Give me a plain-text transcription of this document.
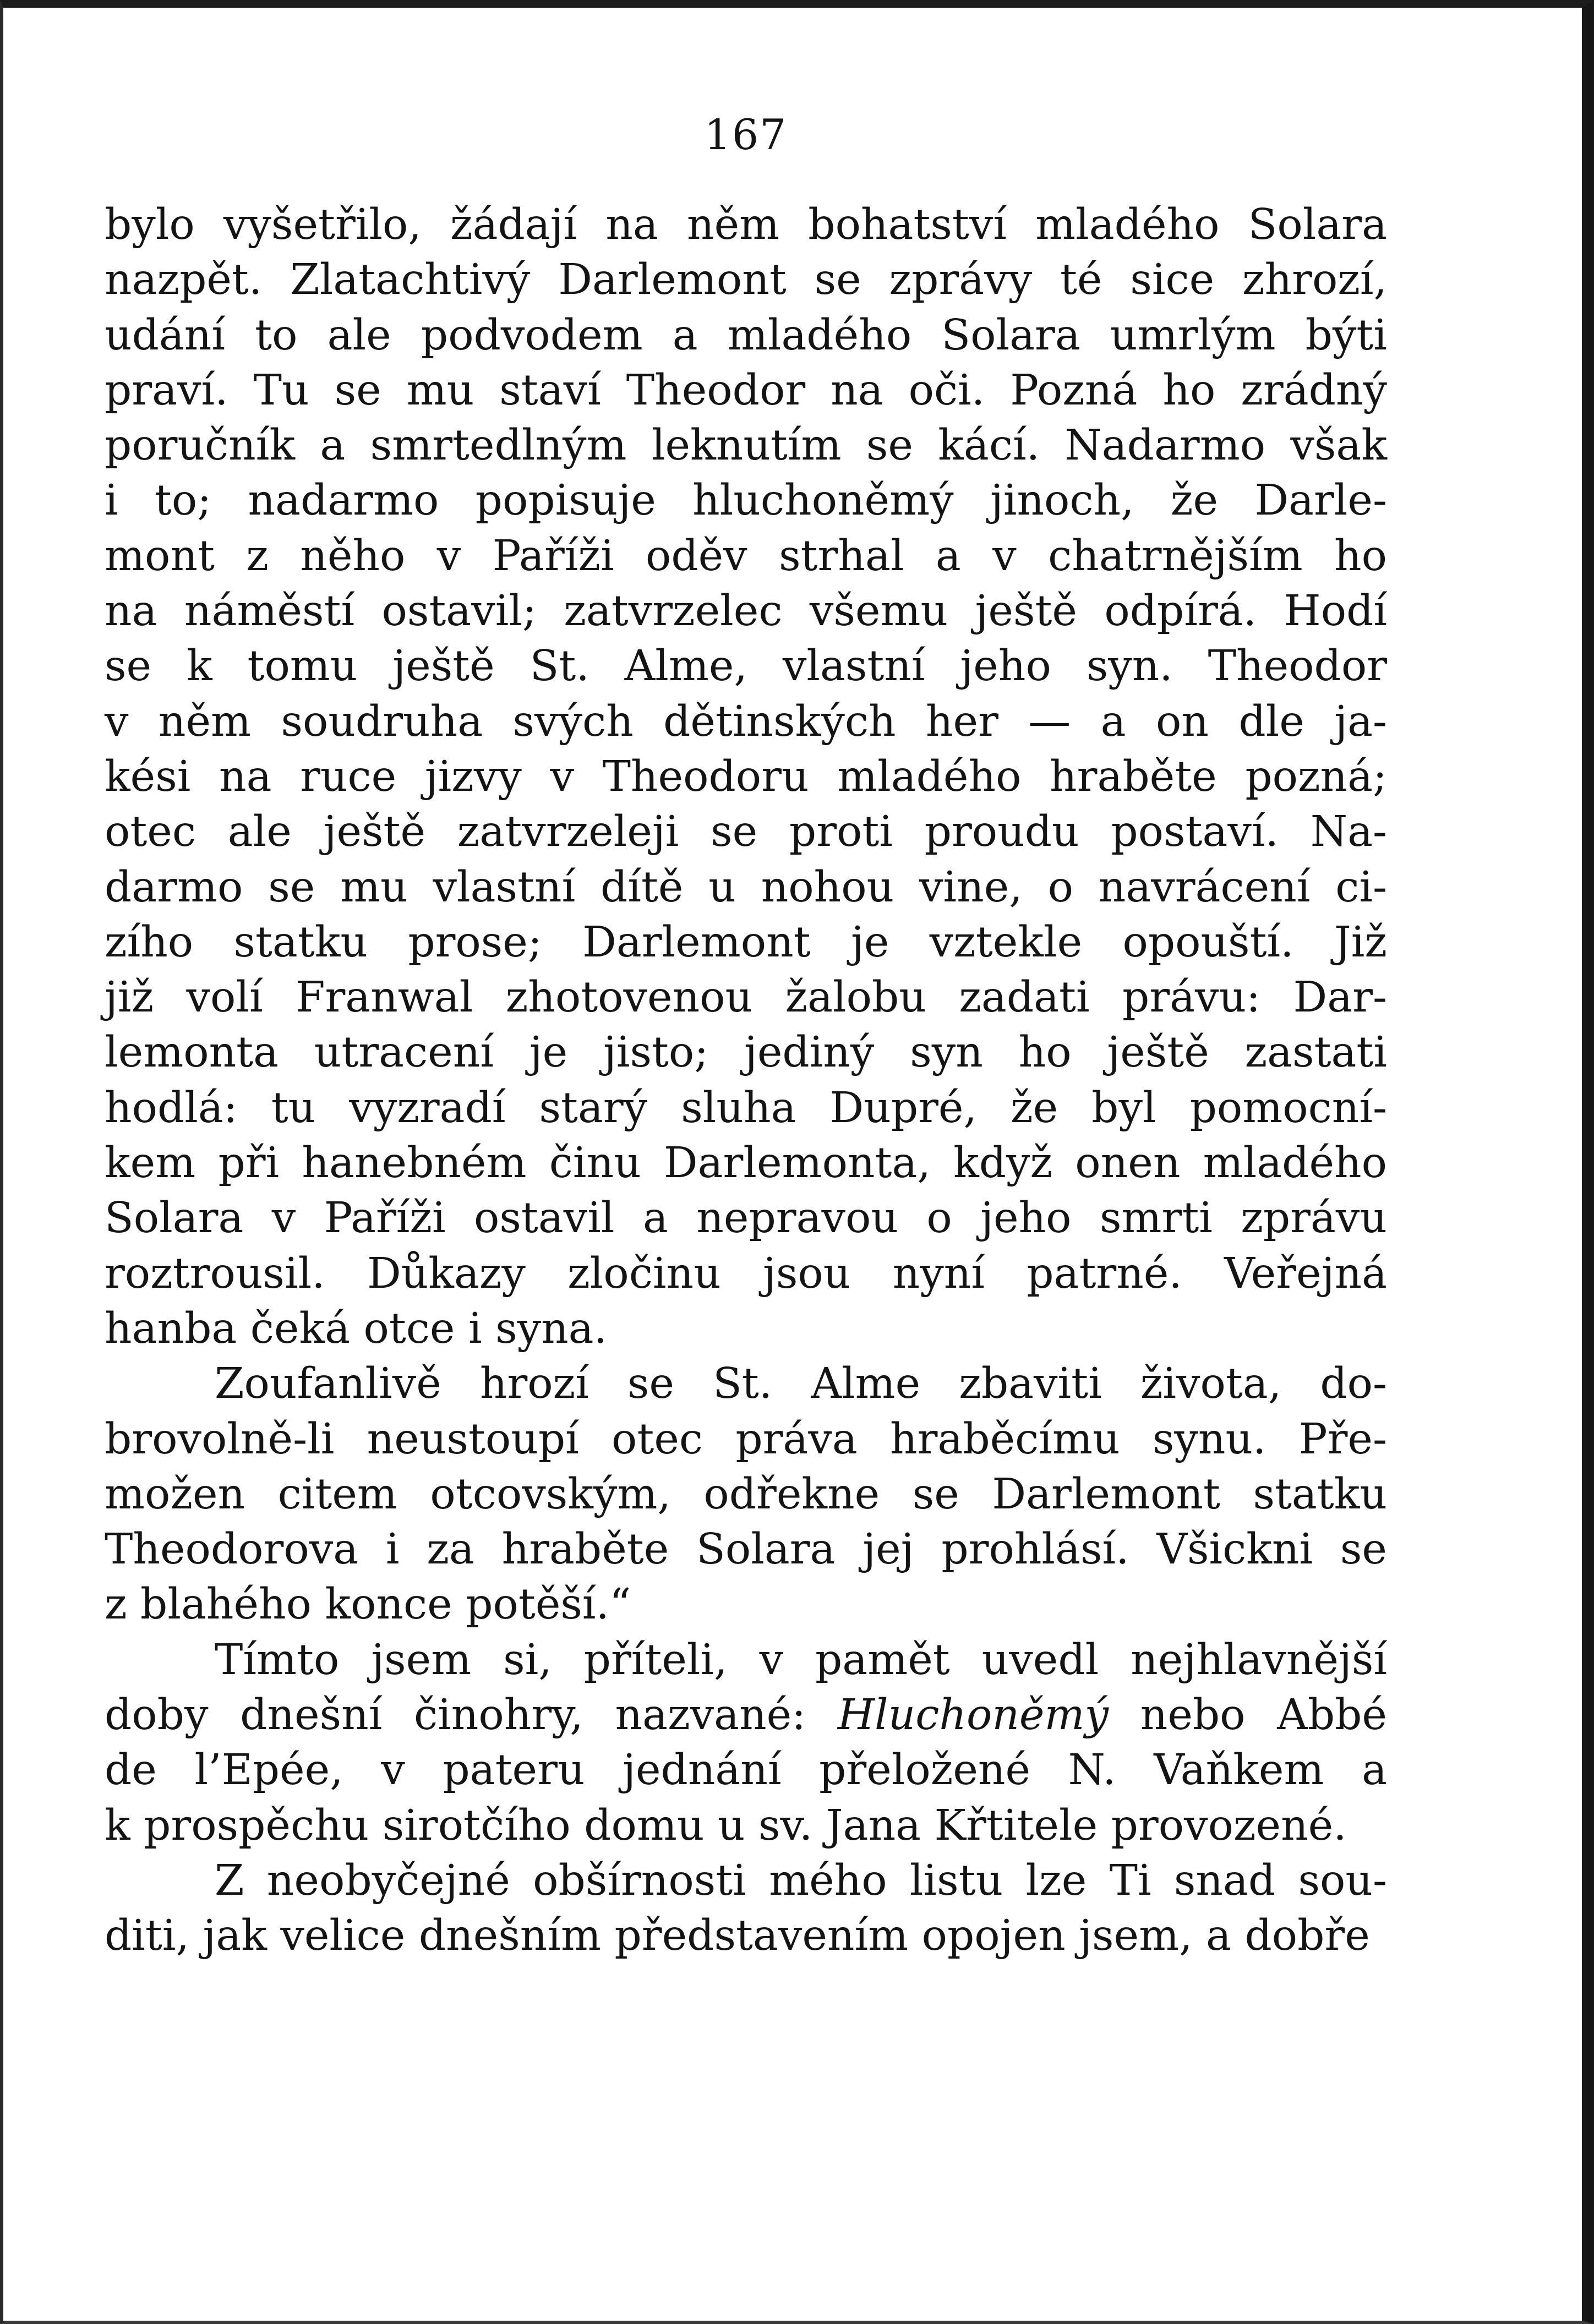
167
bylo vyšetřilo, žádají na něm bohatství mladého Solara
nazpět. Zlatachtivý Darlemont se zprávy té sice zhrozí,
udání to ale podvodem a mladého Solara umrlým býti
praví. Tu se mu staví Theodor na oči. Pozná ho zrádný
poručník a smrtedlným leknutím se kácí. Nadarmo však
i to; nadarmo popisuje hluchoněmý jinoch, že Darle-
mont z něho v Paříži oděv strhal a v chatrnějším ho
na náměstí ostavil; zatvrzelec všemu ještě odpírá. Hodí
se k tomu ještě St. Alme, vlastní jeho syn. Theodor
v něm soudruha svých dětinských her — a on dle ja-
kési na ruce jizvy v Theodoru mladého hraběte pozná;
otec ale ještě zatvrzeleji se proti proudu postaví. Na-
darmo se mu vlastní dítě u nohou vine, o navrácení ci-
zího statku prose; Darlemont je vztekle opouští. Již
již volí Franwal zhotovenou žalobu zadati právu: Dar-
lemonta utracení je jisto; jediný syn ho ještě zastati
hodlá: tu vyzradí starý sluha Dupré, že byl pomocní-
kem při hanebném činu Darlemonta, když onen mladého
Solara v Paříži ostavil a nepravou o jeho smrti zprávu
roztrousil. Důkazy zločinu jsou nyní patrné. Veřejná
hanba čeká otce i syna.
Zoufanlivě hrozí se St. Alme zbaviti života, do-
brovolně-li neustoupí otec práva hraběcímu synu. Pře-
možen citem otcovským, odřekne se Darlemont statku
Theodorova i za hraběte Solara jej prohlásí. Všickni se
z blahého konce potěší.“
Tímto jsem si, příteli, v pamět uvedl nejhlavnější
doby dnešní činohry, nazvané: Hluchoněmý nebo Abbé
de l’Epée, v pateru jednání přeložené N. Vaňkem a
k prospěchu sirotčího domu u sv. Jana Křtitele provozené.
Z neobyčejné obšírnosti mého listu lze Ti snad sou-
diti, jak velice dnešním představením opojen jsem, a dobře
